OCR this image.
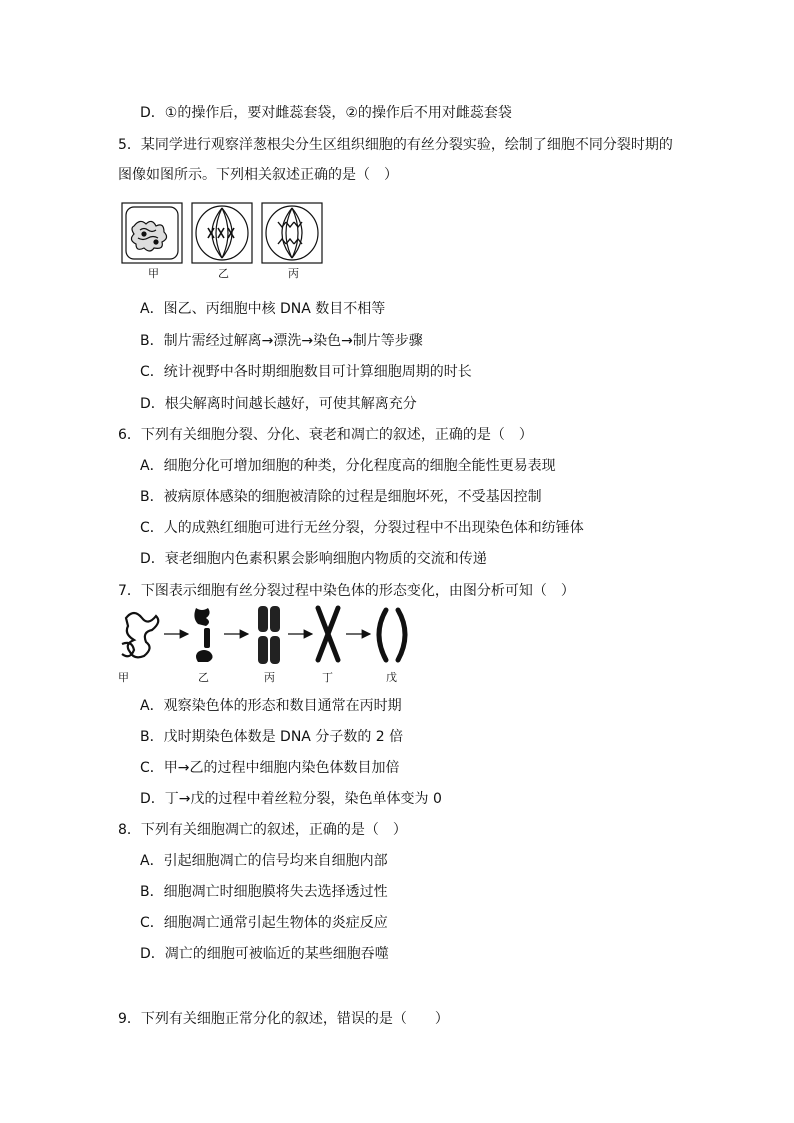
D．①的操作后，要对雌蕊套袋，②的操作后不用对雌蕊套袋
5．某同学进行观察洋葱根尖分生区组织细胞的有丝分裂实验，绘制了细胞不同分裂时期的
图像如图所示。下列相关叙述正确的是（　）
甲	乙	丙
A．图乙、丙细胞中核 DNA 数目不相等
B．制片需经过解离→漂洗→染色→制片等步骤
C．统计视野中各时期细胞数目可计算细胞周期的时长
D．根尖解离时间越长越好，可使其解离充分
6．下列有关细胞分裂、分化、衰老和凋亡的叙述，正确的是（　）
A．细胞分化可增加细胞的种类，分化程度高的细胞全能性更易表现
B．被病原体感染的细胞被清除的过程是细胞坏死，不受基因控制
C．人的成熟红细胞可进行无丝分裂，分裂过程中不出现染色体和纺锤体
D．衰老细胞内色素积累会影响细胞内物质的交流和传递
7．下图表示细胞有丝分裂过程中染色体的形态变化，由图分析可知（　）
甲	乙	丙	丁	戊
A．观察染色体的形态和数目通常在丙时期
B．戊时期染色体数是 DNA 分子数的 2 倍
C．甲→乙的过程中细胞内染色体数目加倍
D．丁→戊的过程中着丝粒分裂，染色单体变为 0
8．下列有关细胞凋亡的叙述，正确的是（　）
A．引起细胞凋亡的信号均来自细胞内部
B．细胞凋亡时细胞膜将失去选择透过性
C．细胞凋亡通常引起生物体的炎症反应
D．凋亡的细胞可被临近的某些细胞吞噬
9．下列有关细胞正常分化的叙述，错误的是（　　）
